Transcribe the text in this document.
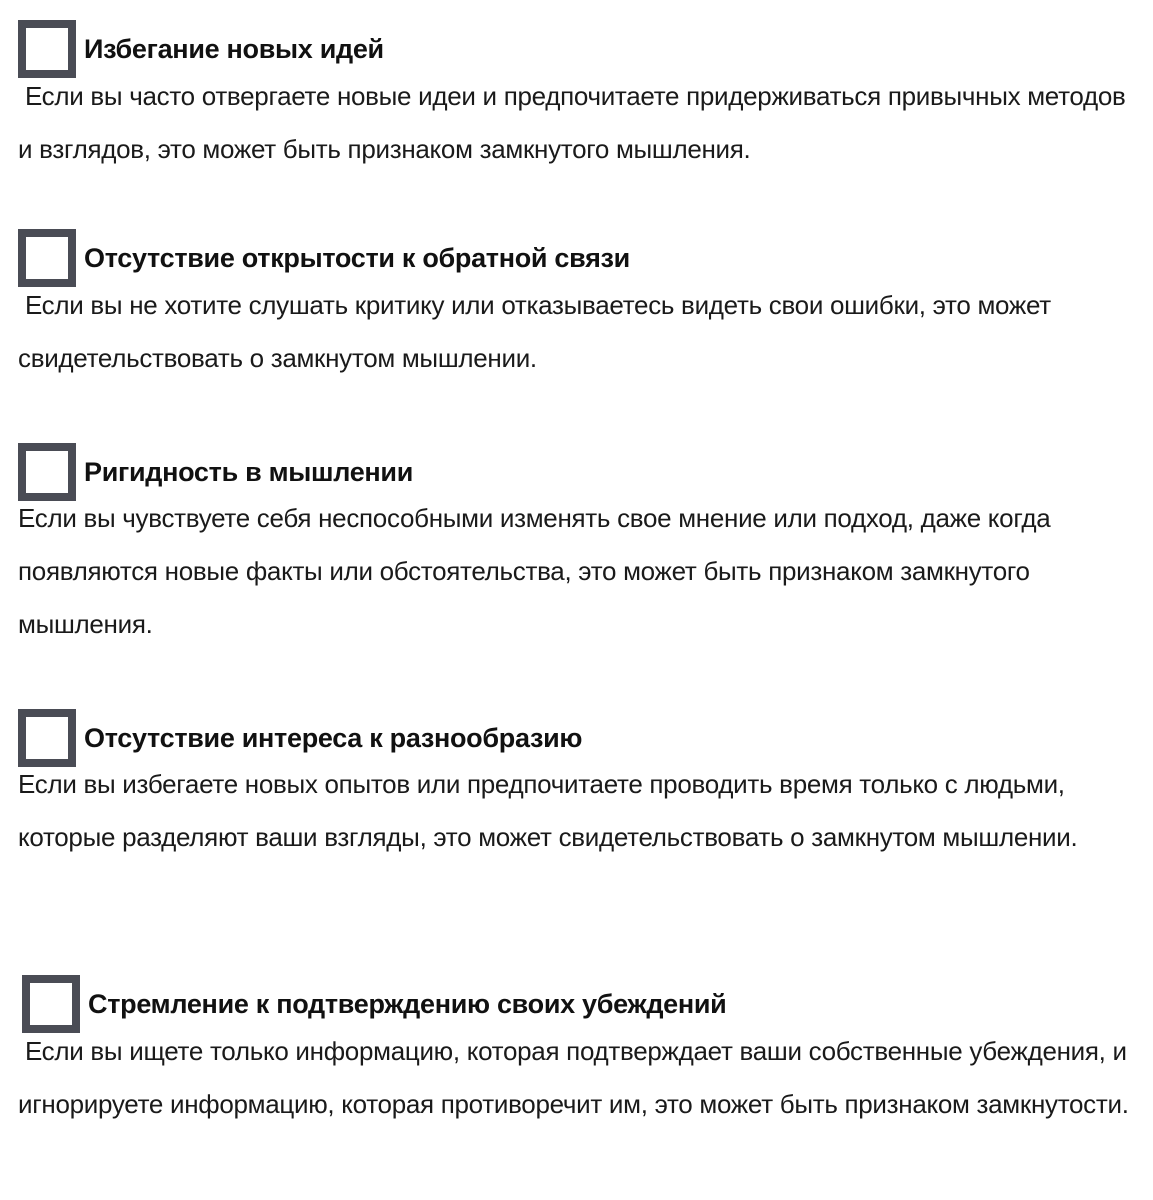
Избегание новых идей

Если вы часто отвергаете новые идеи и предпочитаете придерживаться привычных методов и взглядов, это может быть признаком замкнутого мышления.

Отсутствие открытости к обратной связи

Если вы не хотите слушать критику или отказываетесь видеть свои ошибки, это может свидетельствовать о замкнутом мышлении.

Ригидность в мышлении

Если вы чувствуете себя неспособными изменять свое мнение или подход, даже когда появляются новые факты или обстоятельства, это может быть признаком замкнутого мышления.

Отсутствие интереса к разнообразию

Если вы избегаете новых опытов или предпочитаете проводить время только с людьми, которые разделяют ваши взгляды, это может свидетельствовать о замкнутом мышлении.

Стремление к подтверждению своих убеждений

Если вы ищете только информацию, которая подтверждает ваши собственные убеждения, и игнорируете информацию, которая противоречит им, это может быть признаком замкнутости.
